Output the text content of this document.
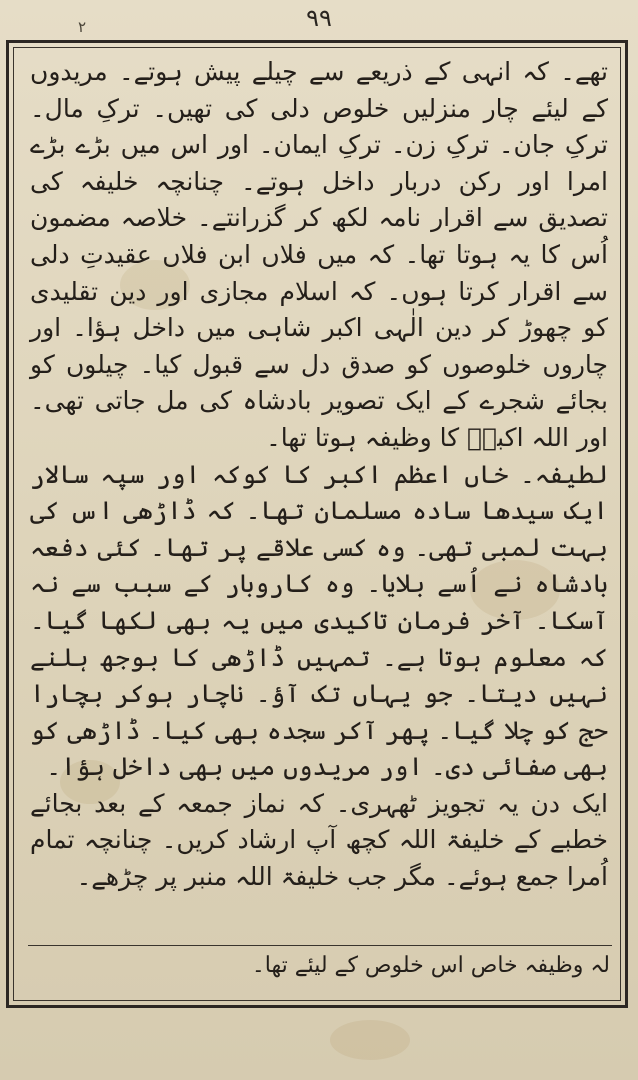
۹۹
۲

تھے۔ کہ انہی کے ذریعے سے چیلے پیش ہوتے۔ مریدوں کے لیئے چار منزلیں خلوص دلی کی تھیں۔ ترکِ مال۔ ترکِ جان۔ ترکِ زن۔ ترکِ ایمان۔ اور اس میں بڑے بڑے امرا اور رکن دربار داخل ہوتے۔ چنانچہ خلیفہ کی تصدیق سے اقرار نامہ لکھ کر گزرانتے۔ خلاصہ مضمون اُس کا یہ ہوتا تھا۔ کہ میں فلاں ابن فلاں عقیدتِ دلی سے اقرار کرتا ہوں۔ کہ اسلام مجازی اور دین تقلیدی کو چھوڑ کر دین الٰہی اکبر شاہی میں داخل ہؤا۔ اور چاروں خلوصوں کو صدق دل سے قبول کیا۔ چیلوں کو بجائے شجرے کے ایک تصویر بادشاہ کی مل جاتی تھی۔ اور اللہ اکبرؔ کا وظیفہ ہوتا تھا۔

لطیفہ۔ خاں اعظم اکبر کا کوکہ اور سپہ سالار ایک سیدھا سادہ مسلمان تھا۔ کہ ڈاڑھی اس کی بہت لمبی تھی۔ وہ کسی علاقے پر تھا۔ کئی دفعہ بادشاہ نے اُسے بلایا۔ وہ کاروبار کے سبب سے نہ آسکا۔ آخر فرمان تاکیدی میں یہ بھی لکھا گیا۔ کہ معلوم ہوتا ہے۔ تمہیں ڈاڑھی کا بوجھ ہلنے نہیں دیتا۔ جو یہاں تک آؤ۔ ناچار ہوکر بچارا حج کو چلا گیا۔ پھر آکر سجدہ بھی کیا۔ ڈاڑھی کو بھی صفائی دی۔ اور مریدوں میں بھی داخل ہؤا۔

ایک دن یہ تجویز ٹھہری۔ کہ نماز جمعہ کے بعد بجائے خطبے کے خلیفۃ اللہ کچھ آپ ارشاد کریں۔ چنانچہ تمام اُمرا جمع ہوئے۔ مگر جب خلیفۃ اللہ منبر پر چڑھے۔

لہ وظیفہ خاص اس خلوص کے لیئے تھا۔
